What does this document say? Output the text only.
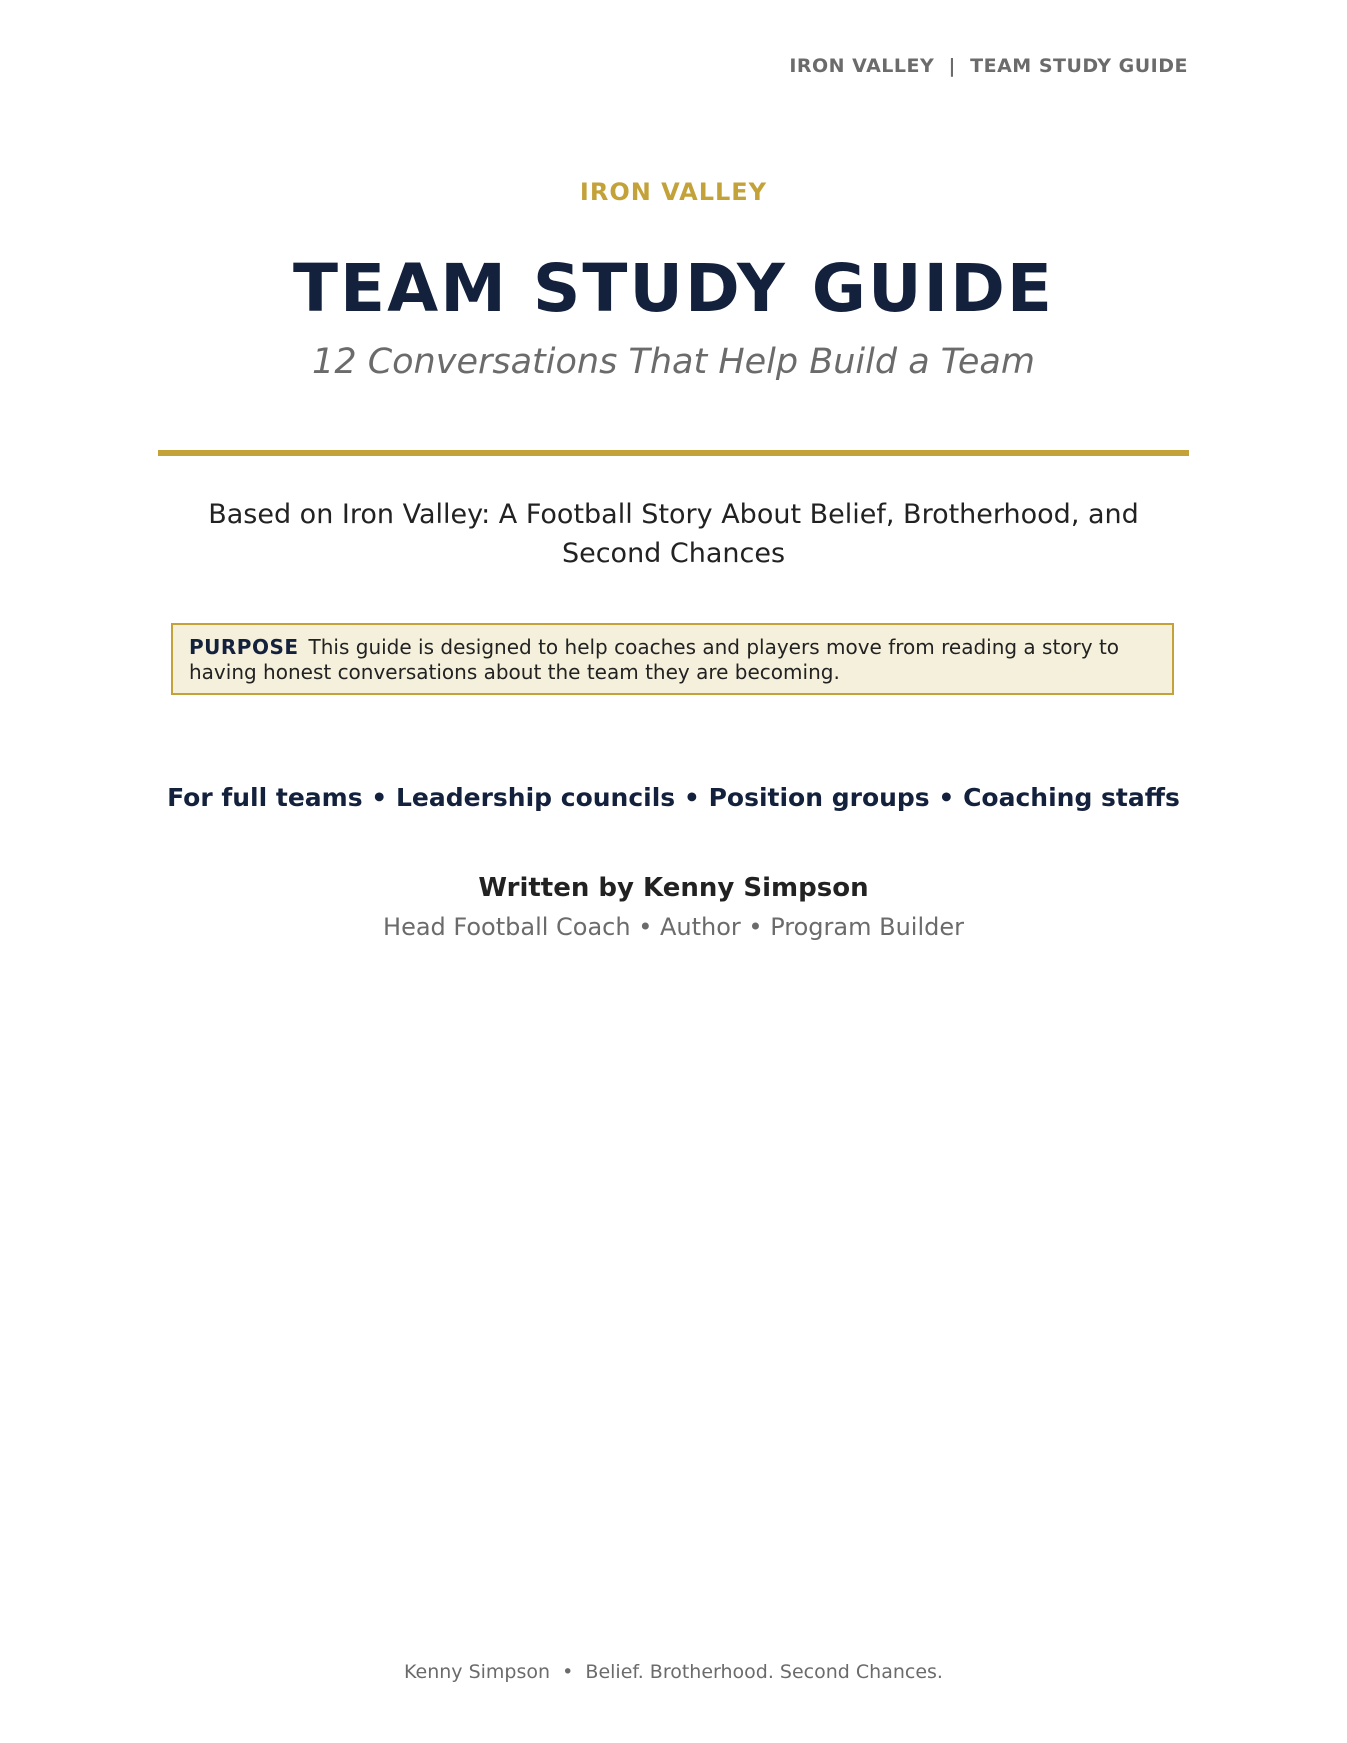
IRON VALLEY  |  TEAM STUDY GUIDE
IRON VALLEY
TEAM STUDY GUIDE
12 Conversations That Help Build a Team
Based on Iron Valley: A Football Story About Belief, Brotherhood, and Second Chances
PURPOSE This guide is designed to help coaches and players move from reading a story to having honest conversations about the team they are becoming.
For full teams • Leadership councils • Position groups • Coaching staffs
Written by Kenny Simpson
Head Football Coach • Author • Program Builder
Kenny Simpson  •  Belief. Brotherhood. Second Chances.
